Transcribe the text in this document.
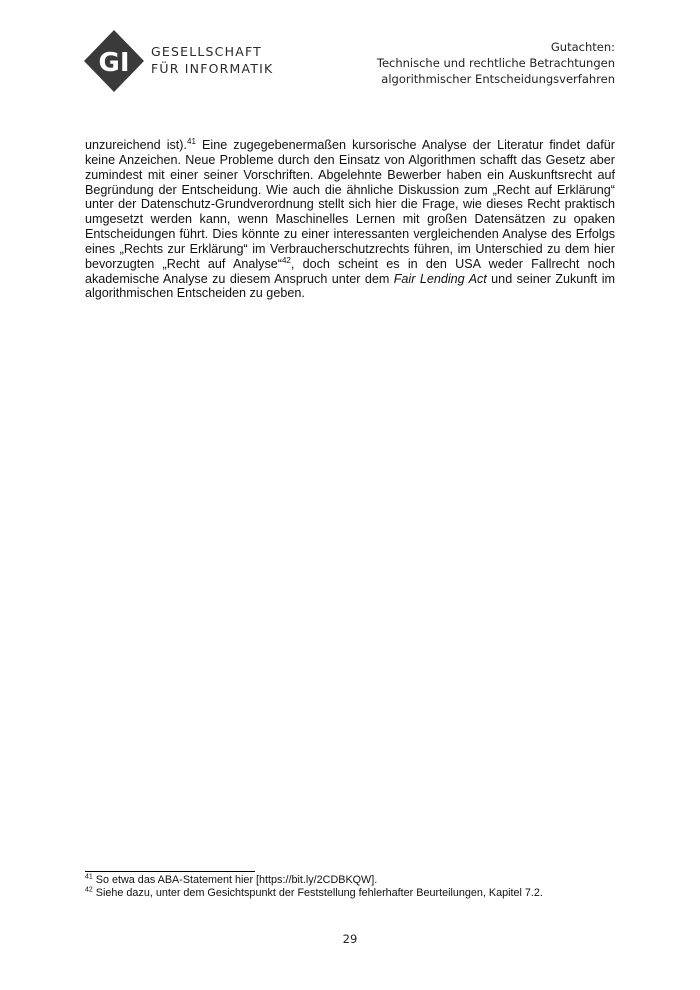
GI GESELLSCHAFT
FÜR INFORMATIK
Gutachten:
Technische und rechtliche Betrachtungen
algorithmischer Entscheidungsverfahren
unzureichend ist).$^{41}$ Eine zugegebenermaßen kursorische Analyse der Literatur findet dafür keine Anzeichen. Neue Probleme durch den Einsatz von Algorithmen schafft das Gesetz aber zumindest mit einer seiner Vorschriften. Abgelehnte Bewerber haben ein Auskunftsrecht auf Begründung der Entscheidung. Wie auch die ähnliche Diskussion zum „Recht auf Erklärung“ unter der Datenschutz-Grundverordnung stellt sich hier die Frage, wie dieses Recht praktisch umgesetzt werden kann, wenn Maschinelles Lernen mit großen Datensätzen zu opaken Entscheidungen führt. Dies könnte zu einer interessanten vergleichenden Analyse des Erfolgs eines „Rechts zur Erklärung“ im Verbraucherschutzrechts führen, im Unterschied zu dem hier bevorzugten „Recht auf Analyse“$^{42}$, doch scheint es in den USA weder Fallrecht noch akademische Analyse zu diesem Anspruch unter dem Fair Lending Act und seiner Zukunft im algorithmischen Entscheiden zu geben.
$^{41}$ So etwa das ABA-Statement hier [https://bit.ly/2CDBKQW].
$^{42}$ Siehe dazu, unter dem Gesichtspunkt der Feststellung fehlerhafter Beurteilungen, Kapitel 7.2.
29
